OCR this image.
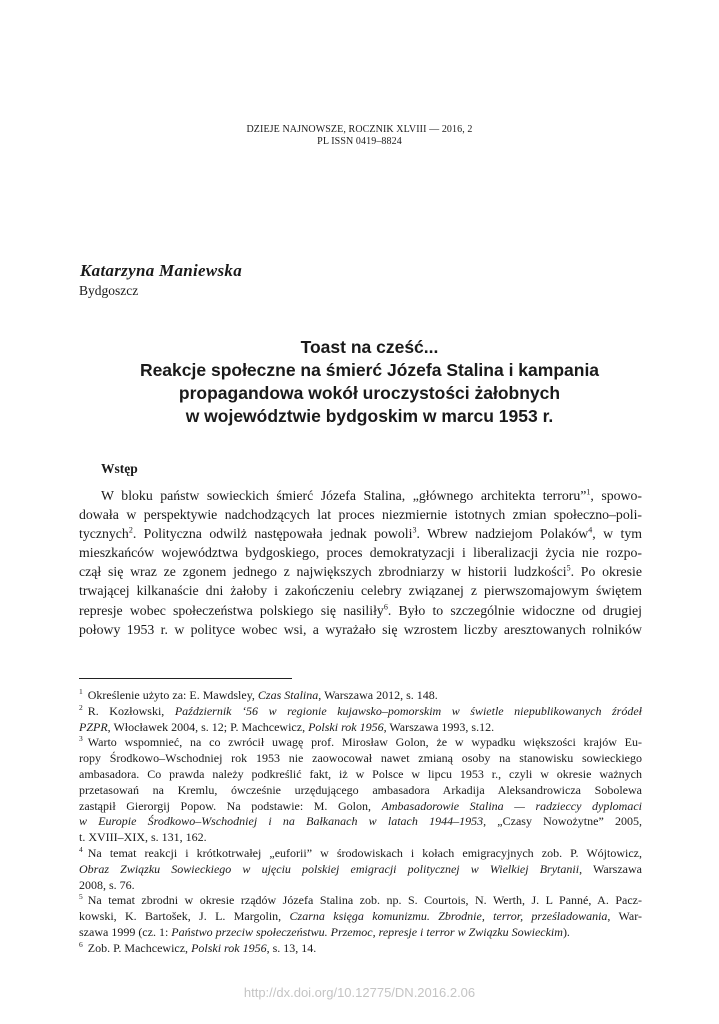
DZIEJE NAJNOWSZE, ROCZNIK XLVIII — 2016, 2
PL ISSN 0419–8824
Katarzyna Maniewska
Bydgoszcz
Toast na cześć...
Reakcje społeczne na śmierć Józefa Stalina i kampania
propagandowa wokół uroczystości żałobnych
w województwie bydgoskim w marcu 1953 r.
Wstęp
W bloku państw sowieckich śmierć Józefa Stalina, „głównego architekta terroru”$^1$, spowo-
dowała w perspektywie nadchodzących lat proces niezmiernie istotnych zmian społeczno–poli-
tycznych$^2$. Polityczna odwilż następowała jednak powoli$^3$. Wbrew nadziejom Polaków$^4$, w tym
mieszkańców województwa bydgoskiego, proces demokratyzacji i liberalizacji życia nie rozpo-
czął się wraz ze zgonem jednego z największych zbrodniarzy w historii ludzkości$^5$. Po okresie
trwającej kilkanaście dni żałoby i zakończeniu celebry związanej z pierwszomajowym świętem
represje wobec społeczeństwa polskiego się nasiliły$^6$. Było to szczególnie widoczne od drugiej
połowy 1953 r. w polityce wobec wsi, a wyrażało się wzrostem liczby aresztowanych rolników
$^1$ Określenie użyto za: E. Mawdsley, Czas Stalina, Warszawa 2012, s. 148.
$^2$ R. Kozłowski, Październik ‘56 w regionie kujawsko–pomorskim w świetle niepublikowanych źródeł
PZPR, Włocławek 2004, s. 12; P. Machcewicz, Polski rok 1956, Warszawa 1993, s.12.
$^3$ Warto wspomnieć, na co zwrócił uwagę prof. Mirosław Golon, że w wypadku większości krajów Eu-
ropy Środkowo–Wschodniej rok 1953 nie zaowocował nawet zmianą osoby na stanowisku sowieckiego
ambasadora. Co prawda należy podkreślić fakt, iż w Polsce w lipcu 1953 r., czyli w okresie ważnych
przetasowań na Kremlu, ówcześnie urzędującego ambasadora Arkadija Aleksandrowicza Sobolewa
zastąpił Gierorgij Popow. Na podstawie: M. Golon, Ambasadorowie Stalina — radzieccy dyplomaci
w Europie Środkowo–Wschodniej i na Bałkanach w latach 1944–1953, „Czasy Nowożytne” 2005,
t. XVIII–XIX, s. 131, 162.
$^4$ Na temat reakcji i krótkotrwałej „euforii” w środowiskach i kołach emigracyjnych zob. P. Wójtowicz,
Obraz Związku Sowieckiego w ujęciu polskiej emigracji politycznej w Wielkiej Brytanii, Warszawa
2008, s. 76.
$^5$ Na temat zbrodni w okresie rządów Józefa Stalina zob. np. S. Courtois, N. Werth, J. L Panné, A. Pacz-
kowski, K. Bartošek, J. L. Margolin, Czarna księga komunizmu. Zbrodnie, terror, prześladowania, War-
szawa 1999 (cz. 1: Państwo przeciw społeczeństwu. Przemoc, represje i terror w Związku Sowieckim).
$^6$ Zob. P. Machcewicz, Polski rok 1956, s. 13, 14.
http://dx.doi.org/10.12775/DN.2016.2.06
